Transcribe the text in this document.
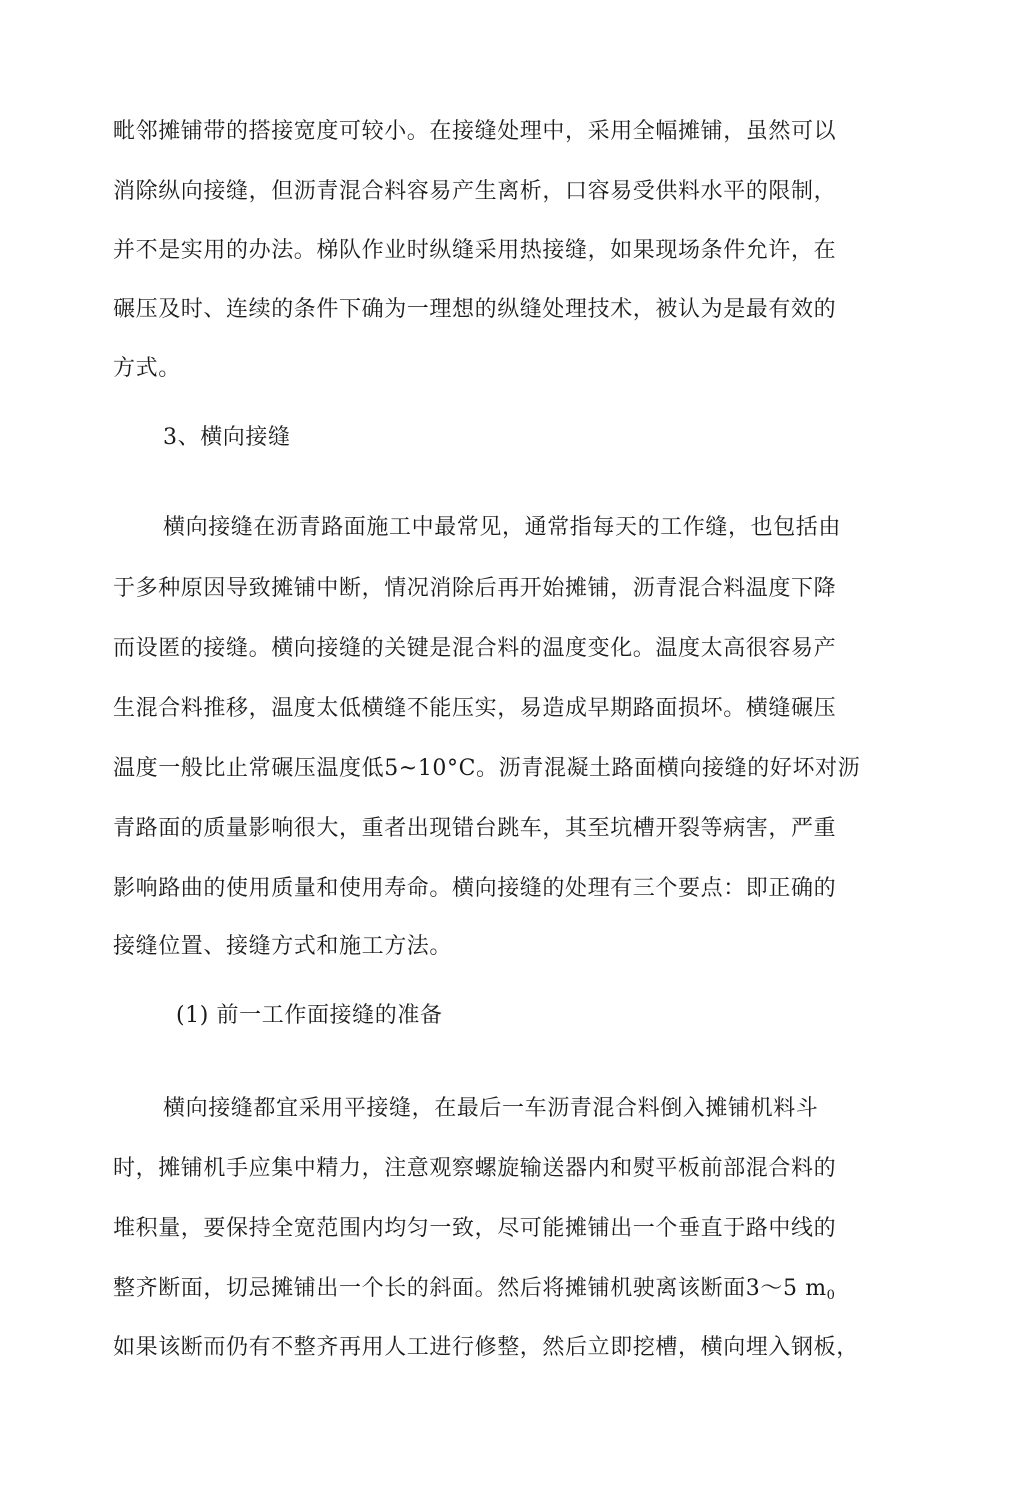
毗邻摊铺带的搭接宽度可较小。在接缝处理中，采用全幅摊铺，虽然可以
消除纵向接缝，但沥青混合料容易产生离析，口容易受供料水平的限制，
并不是实用的办法。梯队作业时纵缝采用热接缝，如果现场条件允许，在
碾压及时、连续的条件下确为一理想的纵缝处理技术，被认为是最有效的
方式。
3、横向接缝
横向接缝在沥青路面施工中最常见，通常指每天的工作缝，也包括由
于多种原因导致摊铺中断，情况消除后再开始摊铺，沥青混合料温度下降
而设匿的接缝。横向接缝的关键是混合料的温度变化。温度太高很容易产
生混合料推移，温度太低横缝不能压实，易造成早期路面损坏。横缝碾压
温度一般比止常碾压温度低5~10°C。沥青混凝土路面横向接缝的好坏对沥
青路面的质量影响很大，重者出现错台跳车，其至坑槽开裂等病害，严重
影响路曲的使用质量和使用寿命。横向接缝的处理有三个要点：即正确的
接缝位置、接缝方式和施工方法。
(1) 前一工作面接缝的准备
横向接缝都宜采用平接缝，在最后一车沥青混合料倒入摊铺机料斗
时，摊铺机手应集中精力，注意观察螺旋输送器内和熨平板前部混合料的
堆积量，要保持全宽范围内均匀一致，尽可能摊铺出一个垂直于路中线的
整齐断面，切忌摊铺出一个长的斜面。然后将摊铺机驶离该断面3〜5 $m_0$
如果该断而仍有不整齐再用人工进行修整，然后立即挖槽，横向埋入钢板，
